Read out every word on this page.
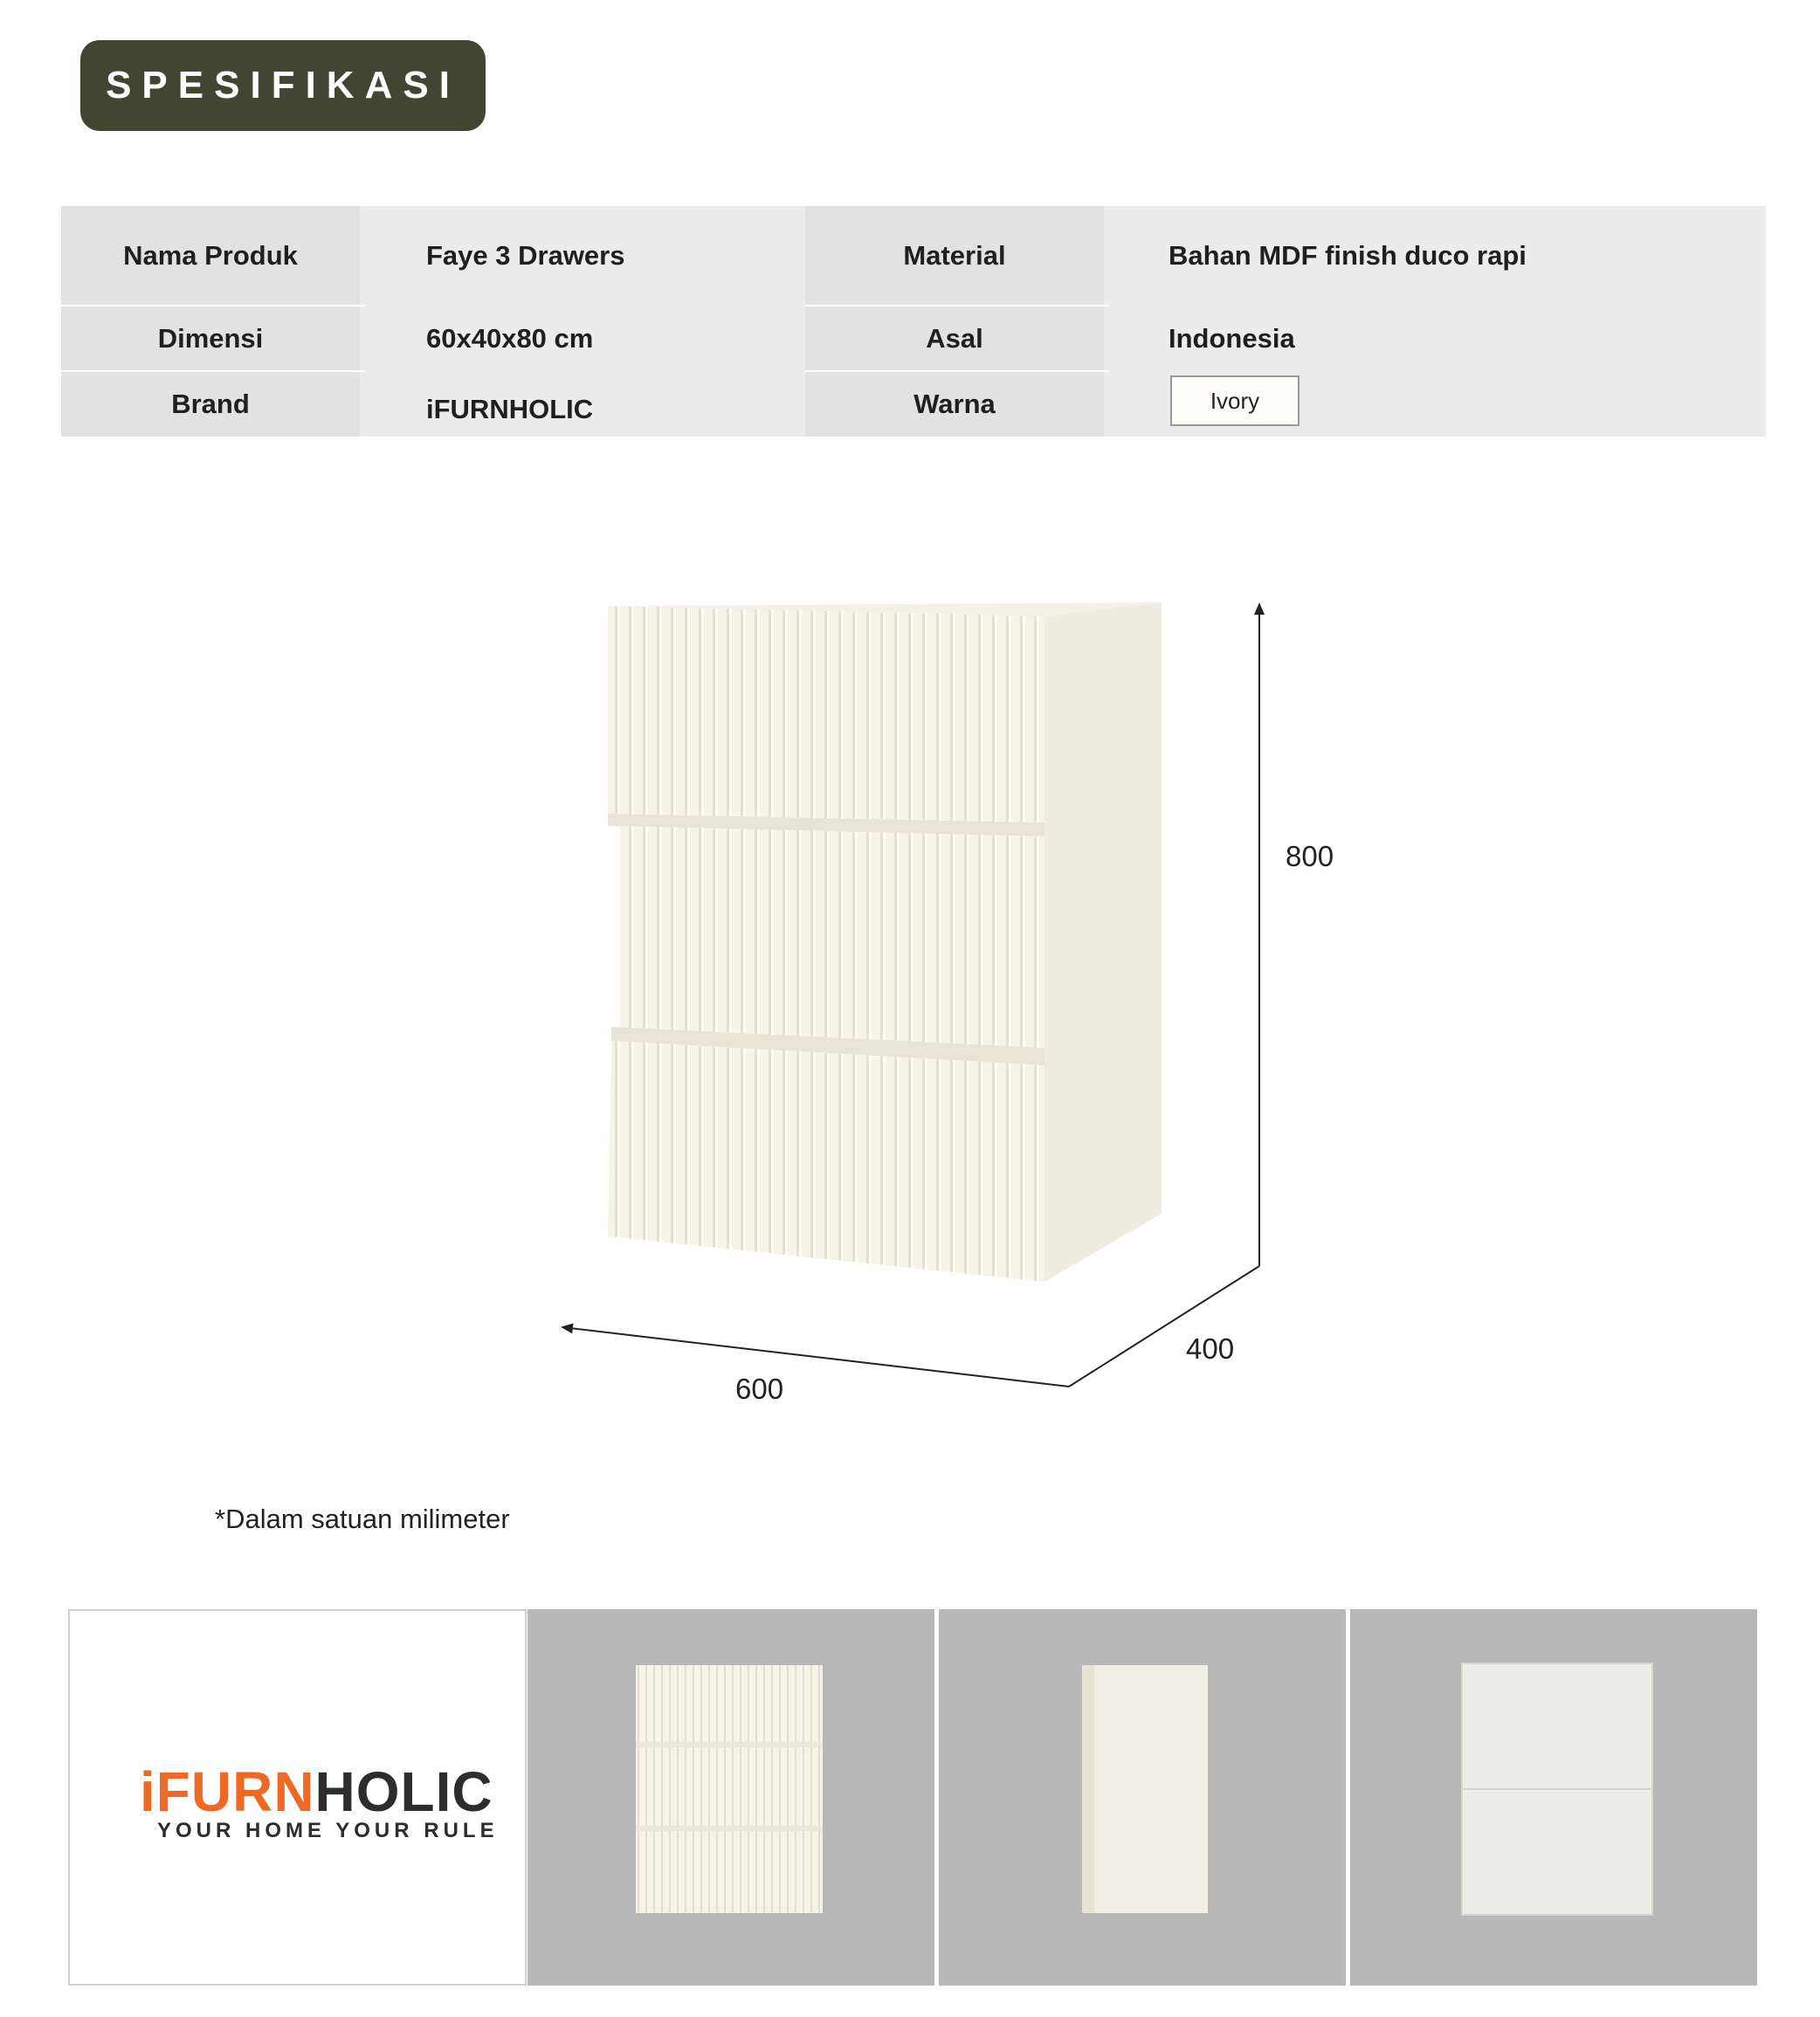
SPESIFIKASI
Nama Produk
Dimensi
Brand
Faye 3 Drawers
60x40x80 cm
iFURNHOLIC
Material
Asal
Warna
Bahan MDF finish duco rapi
Indonesia
Ivory
800
400
600
*Dalam satuan milimeter
iFURNHOLIC
YOUR HOME YOUR RULE
